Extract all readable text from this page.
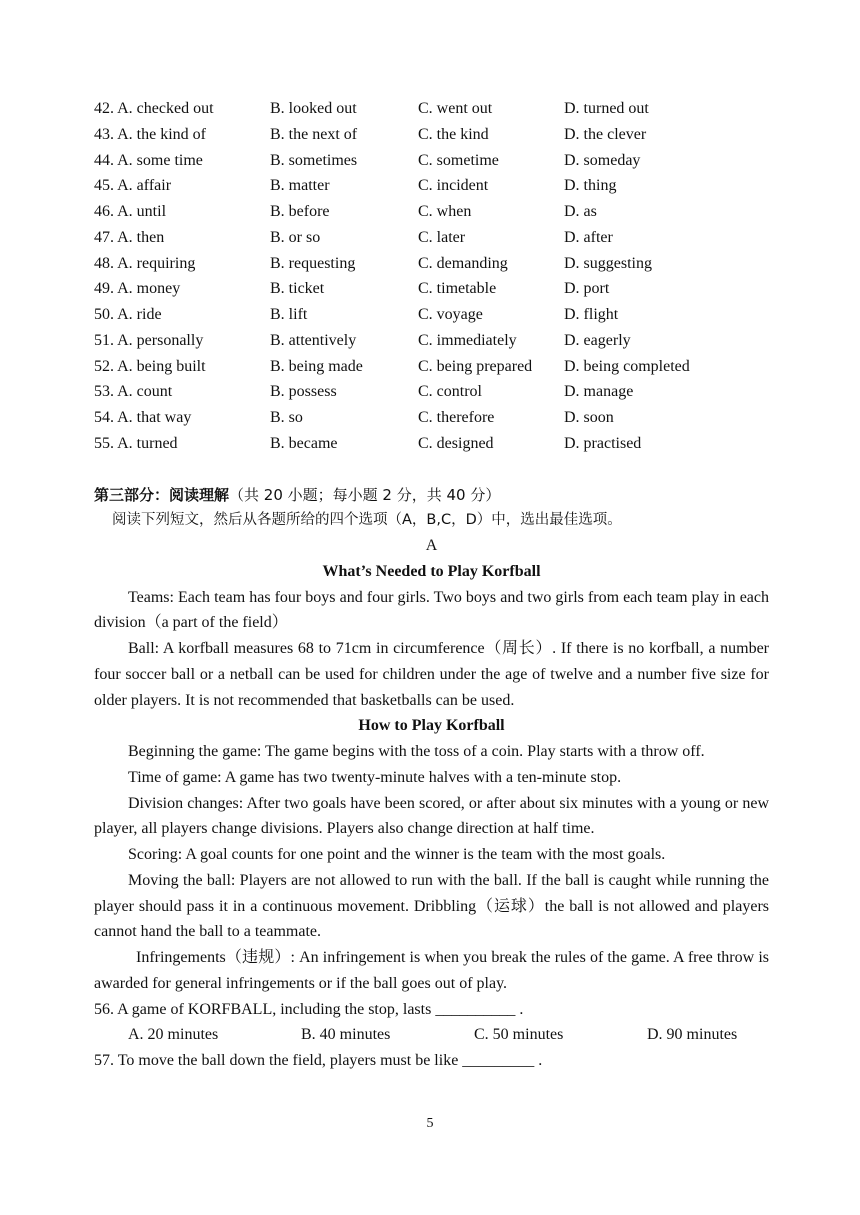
42. A. checked out	B. looked out	C. went out	D. turned out
43. A. the kind of	B. the next of	C. the kind	D. the clever
44. A. some time	B. sometimes	C. sometime	D. someday
45. A. affair	B. matter	C. incident	D. thing
46. A. until	B. before	C. when	D. as
47. A. then	B. or so	C. later	D. after
48. A. requiring	B. requesting	C. demanding	D. suggesting
49. A. money	B. ticket	C. timetable	D. port
50. A. ride	B. lift	C. voyage	D. flight
51. A. personally	B. attentively	C. immediately	D. eagerly
52. A. being built	B. being made	C. being prepared D. being completed
53. A. count	B. possess	C. control	D. manage
54. A. that way	B. so	C. therefore	D. soon
55. A. turned	B. became	C. designed	D. practised
第三部分：阅读理解（共 20 小题；每小题 2 分，共 40 分）
阅读下列短文，然后从各题所给的四个选项（A，B,C，D）中，选出最佳选项。
A
What’s Needed to Play Korfball

Teams: Each team has four boys and four girls. Two boys and two girls from each team play in each division（a part of the field）

Ball: A korfball measures 68 to 71cm in circumference（周长）. If there is no korfball, a number four soccer ball or a netball can be used for children under the age of twelve and a number five size for older players. It is not recommended that basketballs can be used.

How to Play Korfball

Beginning the game: The game begins with the toss of a coin. Play starts with a throw off.

Time of game: A game has two twenty-minute halves with a ten-minute stop.

Division changes: After two goals have been scored, or after about six minutes with a young or new player, all players change divisions. Players also change direction at half time.

Scoring: A goal counts for one point and the winner is the team with the most goals.

Moving the ball: Players are not allowed to run with the ball. If the ball is caught while running the player should pass it in a continuous movement. Dribbling（运球）the ball is not allowed and players cannot hand the ball to a teammate.

Infringements（违规）: An infringement is when you break the rules of the game. A free throw is awarded for general infringements or if the ball goes out of play.

56. A game of KORFBALL, including the stop, lasts __________ .

A. 20 minutes	B. 40 minutes	C. 50 minutes	D. 90 minutes

57. To move the ball down the field, players must be like _________ .

5
